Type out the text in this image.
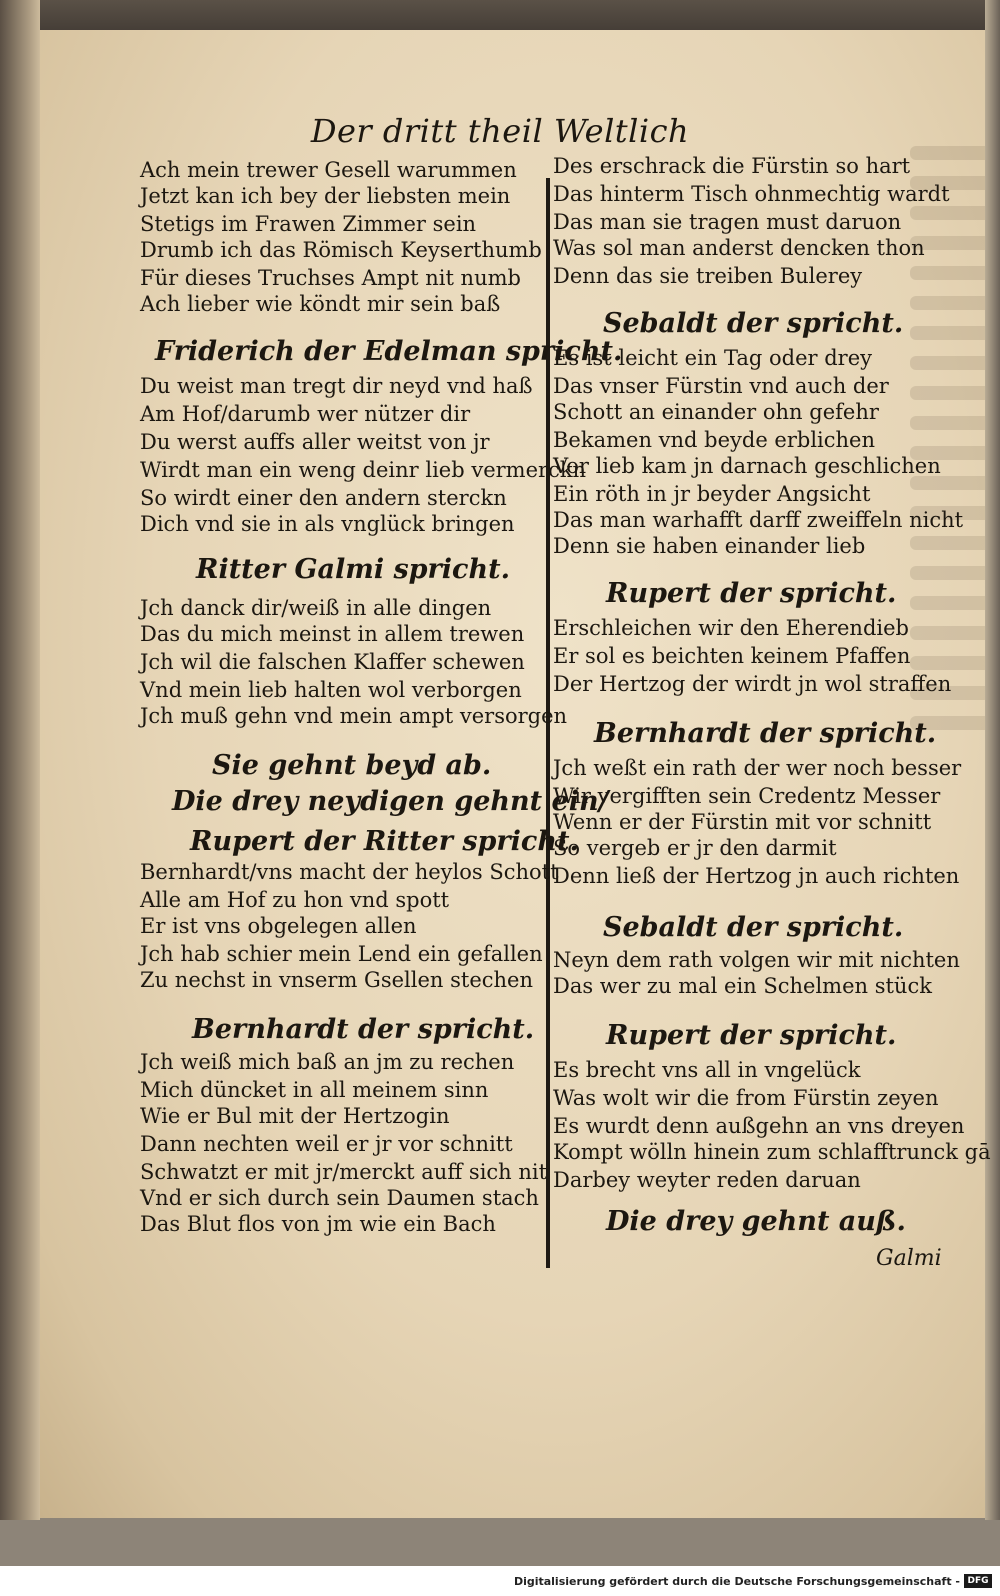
Der dritt theil Weltlich
Ach mein trewer Gesell warummen
Jetzt kan ich bey der liebsten mein
Stetigs im Frawen Zimmer sein
Drumb ich das Römisch Keyserthumb
Für dieses Truchses Ampt nit numb
Ach lieber wie köndt mir sein baß
Friderich der Edelman spricht.
Du weist man tregt dir neyd vnd haß
Am Hof/darumb wer nützer dir
Du werst auffs aller weitst von jr
Wirdt man ein weng deinr lieb vermerckn
So wirdt einer den andern sterckn
Dich vnd sie in als vnglück bringen
Ritter Galmi spricht.
Jch danck dir/weiß in alle dingen
Das du mich meinst in allem trewen
Jch wil die falschen Klaffer schewen
Vnd mein lieb halten wol verborgen
Jch muß gehn vnd mein ampt versorgen
Sie gehnt beyd ab.
Die drey neydigen gehnt ein/
Rupert der Ritter spricht.
Bernhardt/vns macht der heylos Schott
Alle am Hof zu hon vnd spott
Er ist vns obgelegen allen
Jch hab schier mein Lend ein gefallen
Zu nechst in vnserm Gsellen stechen
Bernhardt der spricht.
Jch weiß mich baß an jm zu rechen
Mich düncket in all meinem sinn
Wie er Bul mit der Hertzogin
Dann nechten weil er jr vor schnitt
Schwatzt er mit jr/merckt auff sich nit
Vnd er sich durch sein Daumen stach
Das Blut flos von jm wie ein Bach
Des erschrack die Fürstin so hart
Das hinterm Tisch ohnmechtig wardt
Das man sie tragen must daruon
Was sol man anderst dencken thon
Denn das sie treiben Bulerey
Sebaldt der spricht.
Es ist leicht ein Tag oder drey
Das vnser Fürstin vnd auch der
Schott an einander ohn gefehr
Bekamen vnd beyde erblichen
Vor lieb kam jn darnach geschlichen
Ein röth in jr beyder Angsicht
Das man warhafft darff zweiffeln nicht
Denn sie haben einander lieb
Rupert der spricht.
Erschleichen wir den Eherendieb
Er sol es beichten keinem Pfaffen
Der Hertzog der wirdt jn wol straffen
Bernhardt der spricht.
Jch weßt ein rath der wer noch besser
Wir vergifften sein Credentz Messer
Wenn er der Fürstin mit vor schnitt
So vergeb er jr den darmit
Denn ließ der Hertzog jn auch richten
Sebaldt der spricht.
Neyn dem rath volgen wir mit nichten
Das wer zu mal ein Schelmen stück
Rupert der spricht.
Es brecht vns all in vngelück
Was wolt wir die from Fürstin zeyen
Es wurdt denn außgehn an vns dreyen
Kompt wölln hinein zum schlafftrunck gā
Darbey weyter reden daruan
Die drey gehnt auß.
Galmi
Digitalisierung gefördert durch die Deutsche Forschungsgemeinschaft - DFG
